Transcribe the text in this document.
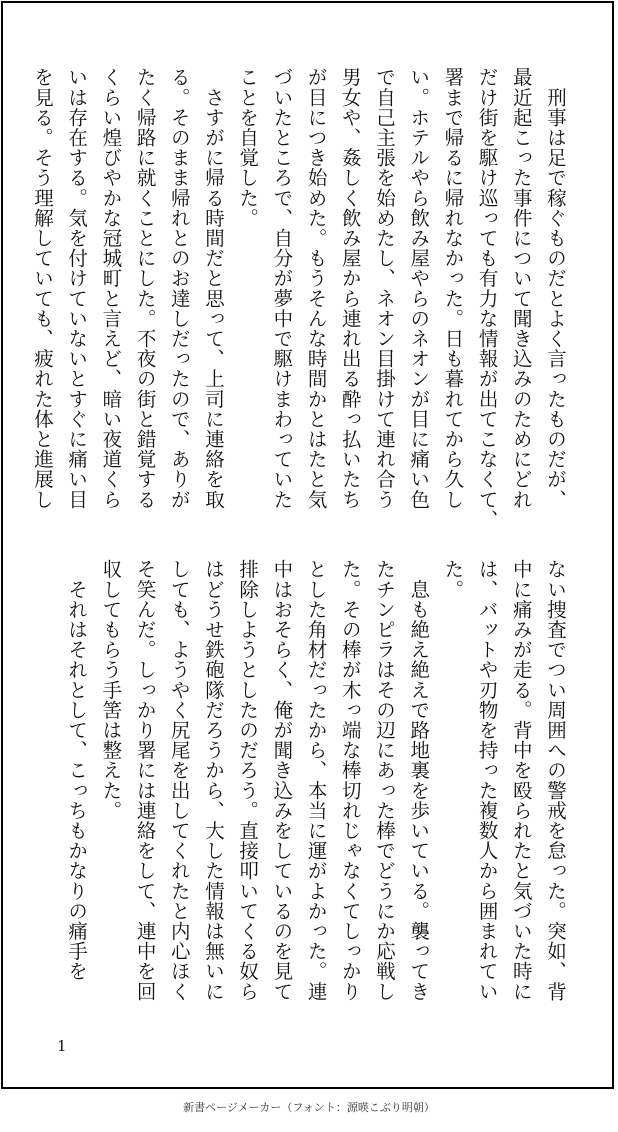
　刑事は足で稼ぐものだとよく言ったものだが、

最近起こった事件について聞き込みのためにどれ

だけ街を駆け巡っても有力な情報が出てこなくて、

署まで帰るに帰れなかった。日も暮れてから久し

い。ホテルやら飲み屋やらのネオンが目に痛い色

で自己主張を始めたし、ネオン目掛けて連れ合う

男女や、姦しく飲み屋から連れ出る酔っ払いたち

が目につき始めた。もうそんな時間かとはたと気

づいたところで、自分が夢中で駆けまわっていた

ことを自覚した。

　さすがに帰る時間だと思って、上司に連絡を取

る。そのまま帰れとのお達しだったので、ありが

たく帰路に就くことにした。不夜の街と錯覚する

くらい煌びやかな冠城町と言えど、暗い夜道くら

いは存在する。気を付けていないとすぐに痛い目

を見る。そう理解していても、疲れた体と進展し

ない捜査でつい周囲への警戒を怠った。突如、背

中に痛みが走る。背中を殴られたと気づいた時に

は、バットや刃物を持った複数人から囲まれてい

た。

　息も絶え絶えで路地裏を歩いている。襲ってき

たチンピラはその辺にあった棒でどうにか応戦し

た。その棒が木っ端な棒切れじゃなくてしっかり

とした角材だったから、本当に運がよかった。連

中はおそらく、俺が聞き込みをしているのを見て

排除しようとしたのだろう。直接叩いてくる奴ら

はどうせ鉄砲隊だろうから、大した情報は無いに

しても、ようやく尻尾を出してくれたと内心ほく

そ笑んだ。しっかり署には連絡をして、連中を回

収してもらう手筈は整えた。

　それはそれとして、こっちもかなりの痛手を

1
新書ページメーカー（フォント：源暎こぶり明朝）
